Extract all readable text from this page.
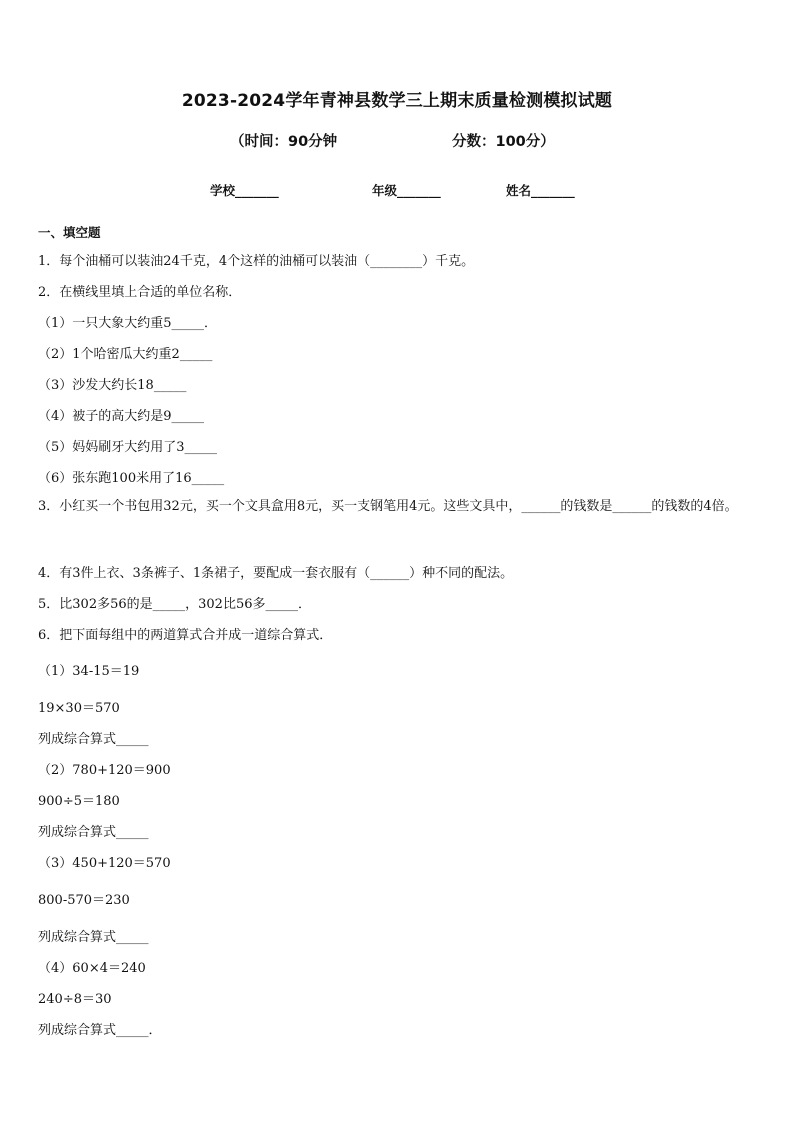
2023-2024学年青神县数学三上期末质量检测模拟试题
（时间：90分钟	分数：100分）
学校_______	年级_______	姓名_______
一、填空题
1．每个油桶可以装油24千克，4个这样的油桶可以装油（________）千克。
2．在横线里填上合适的单位名称．
（1）一只大象大约重5_____．
（2）1个哈密瓜大约重2_____
（3）沙发大约长18_____
（4）被子的高大约是9_____
（5）妈妈刷牙大约用了3_____
（6）张东跑100米用了16_____
3．小红买一个书包用32元，买一个文具盒用8元，买一支钢笔用4元。这些文具中，______的钱数是______的钱数的4倍。
4．有3件上衣、3条裤子、1条裙子，要配成一套衣服有（______）种不同的配法。
5．比302多56的是_____，302比56多_____．
6．把下面每组中的两道算式合并成一道综合算式．
（1）34-15＝19
19×30＝570
列成综合算式_____
（2）780+120＝900
900÷5＝180
列成综合算式_____
（3）450+120＝570
800-570＝230
列成综合算式_____
（4）60×4＝240
240÷8＝30
列成综合算式_____．
